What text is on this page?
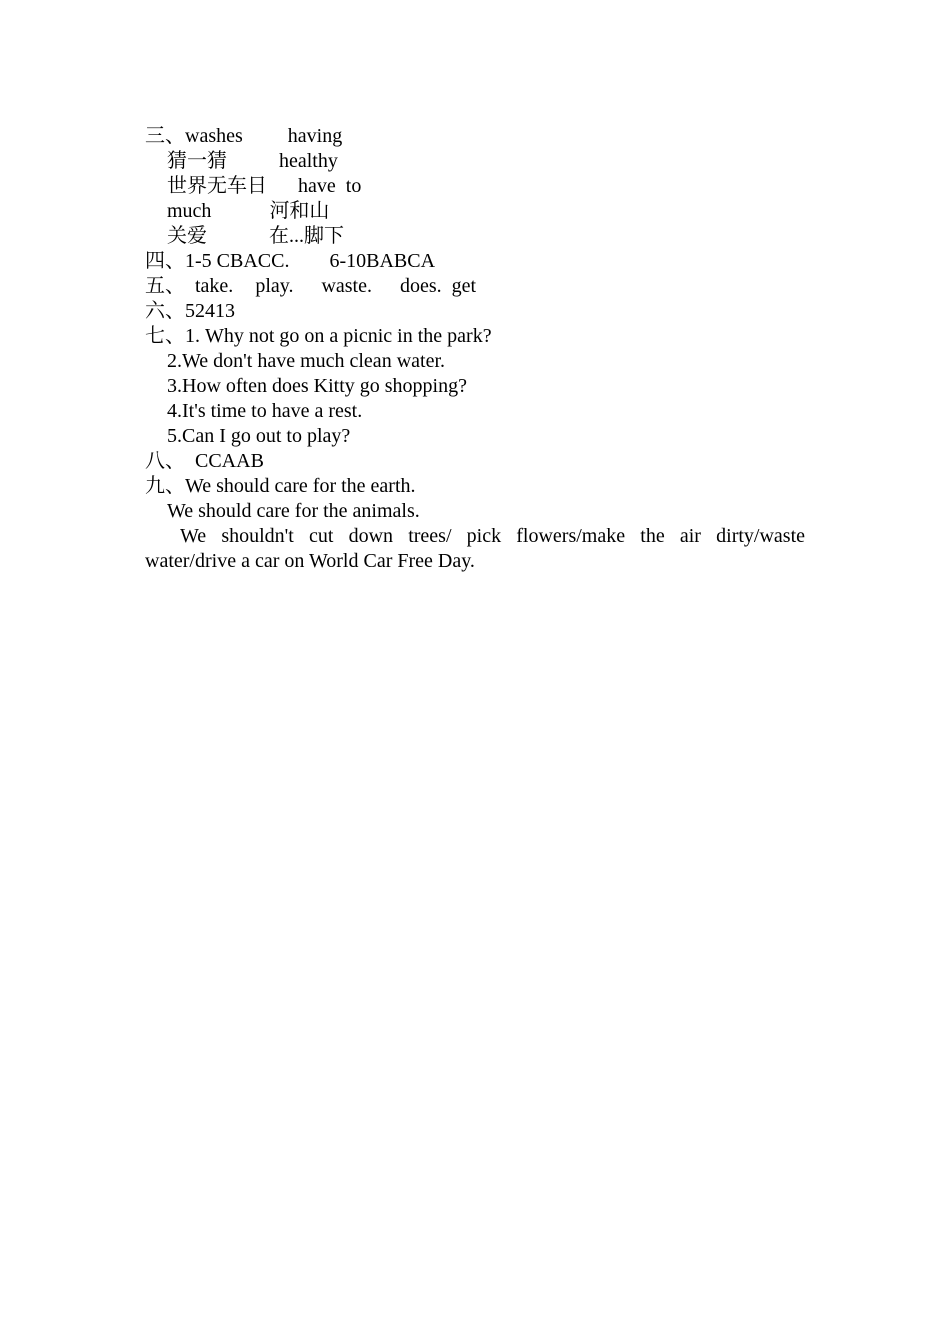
三、washes having
猜一猜	healthy
世界无车日 have to
much	河和山
关爱	在...脚下
四、1-5 CBACC. 6-10BABCA
五、 take. play. waste. does. get
六、52413
七、1. Why not go on a picnic in the park?
2.We don't have much clean water.
3.How often does Kitty go shopping?
4.It's time to have a rest.
5.Can I go out to play?
八、 CCAAB
九、We should care for the earth.
We should care for the animals.
We shouldn't cut down trees/ pick flowers/make the air dirty/waste water/drive a car on World Car Free Day.
